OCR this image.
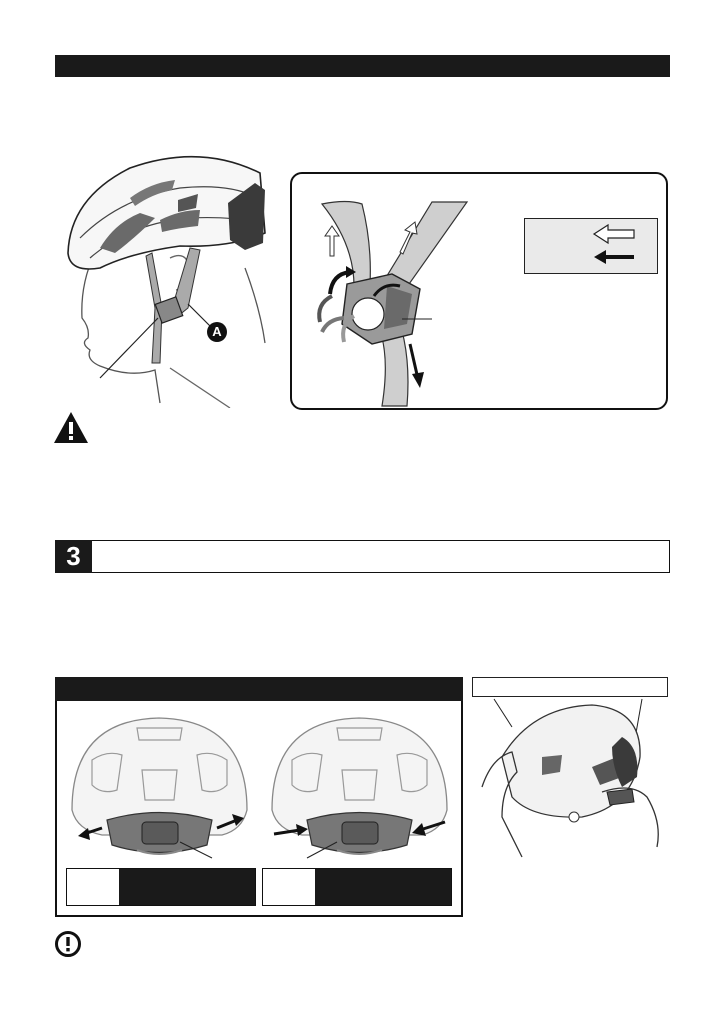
A
3
